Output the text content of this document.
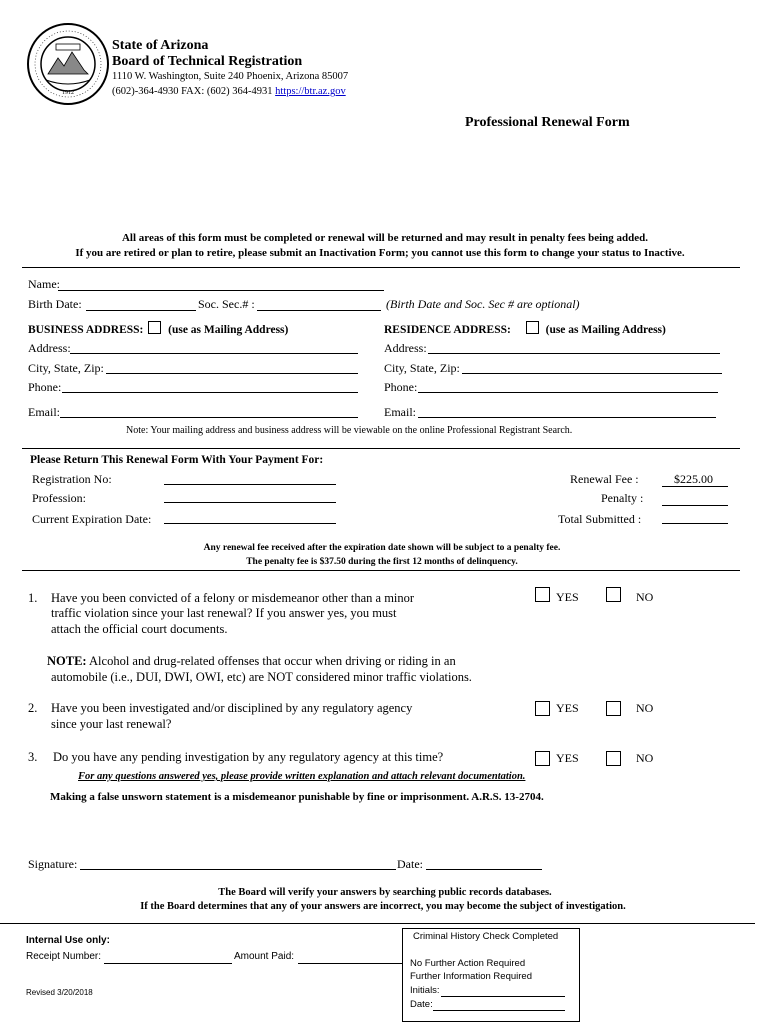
1912
State of Arizona
Board of Technical Registration
1110 W. Washington, Suite 240 Phoenix, Arizona 85007
(602)-364-4930 FAX: (602) 364-4931 https://btr.az.gov
Professional Renewal Form
All areas of this form must be completed or renewal will be returned and may result in penalty fees being added.
If you are retired or plan to retire, please submit an Inactivation Form; you cannot use this form to change your status to Inactive.
Name:
Birth Date:	Soc. Sec.# :	(Birth Date and Soc. Sec # are optional)
BUSINESS ADDRESS: (use as Mailing Address)	RESIDENCE ADDRESS:	(use as Mailing Address)
Address:	Address:
City, State, Zip:	City, State, Zip:
Phone:	Phone:
Email:	Email:
Note: Your mailing address and business address will be viewable on the online Professional Registrant Search.
Please Return This Renewal Form With Your Payment For:
Registration No:
Profession:
Current Expiration Date:
Renewal Fee :	$225.00
Penalty :
Total Submitted :
Any renewal fee received after the expiration date shown will be subject to a penalty fee.
The penalty fee is $37.50 during the first 12 months of delinquency.
1. Have you been convicted of a felony or misdemeanor other than a minor
traffic violation since your last renewal? If you answer yes, you must
attach the official court documents.
YES	NO
NOTE: Alcohol and drug-related offenses that occur when driving or riding in an
automobile (i.e., DUI, DWI, OWI, etc) are NOT considered minor traffic violations.
2. Have you been investigated and/or disciplined by any regulatory agency
since your last renewal?
YES	NO
3. Do you have any pending investigation by any regulatory agency at this time?	YES	NO
For any questions answered yes, please provide written explanation and attach relevant documentation.
Making a false unsworn statement is a misdemeanor punishable by fine or imprisonment. A.R.S. 13-2704.
Signature:	Date:
The Board will verify your answers by searching public records databases.
If the Board determines that any of your answers are incorrect, you may become the subject of investigation.
Internal Use only:
Receipt Number:	Amount Paid:
Revised 3/20/2018
Criminal History Check Completed
No Further Action Required
Further Information Required
Initials:
Date:
